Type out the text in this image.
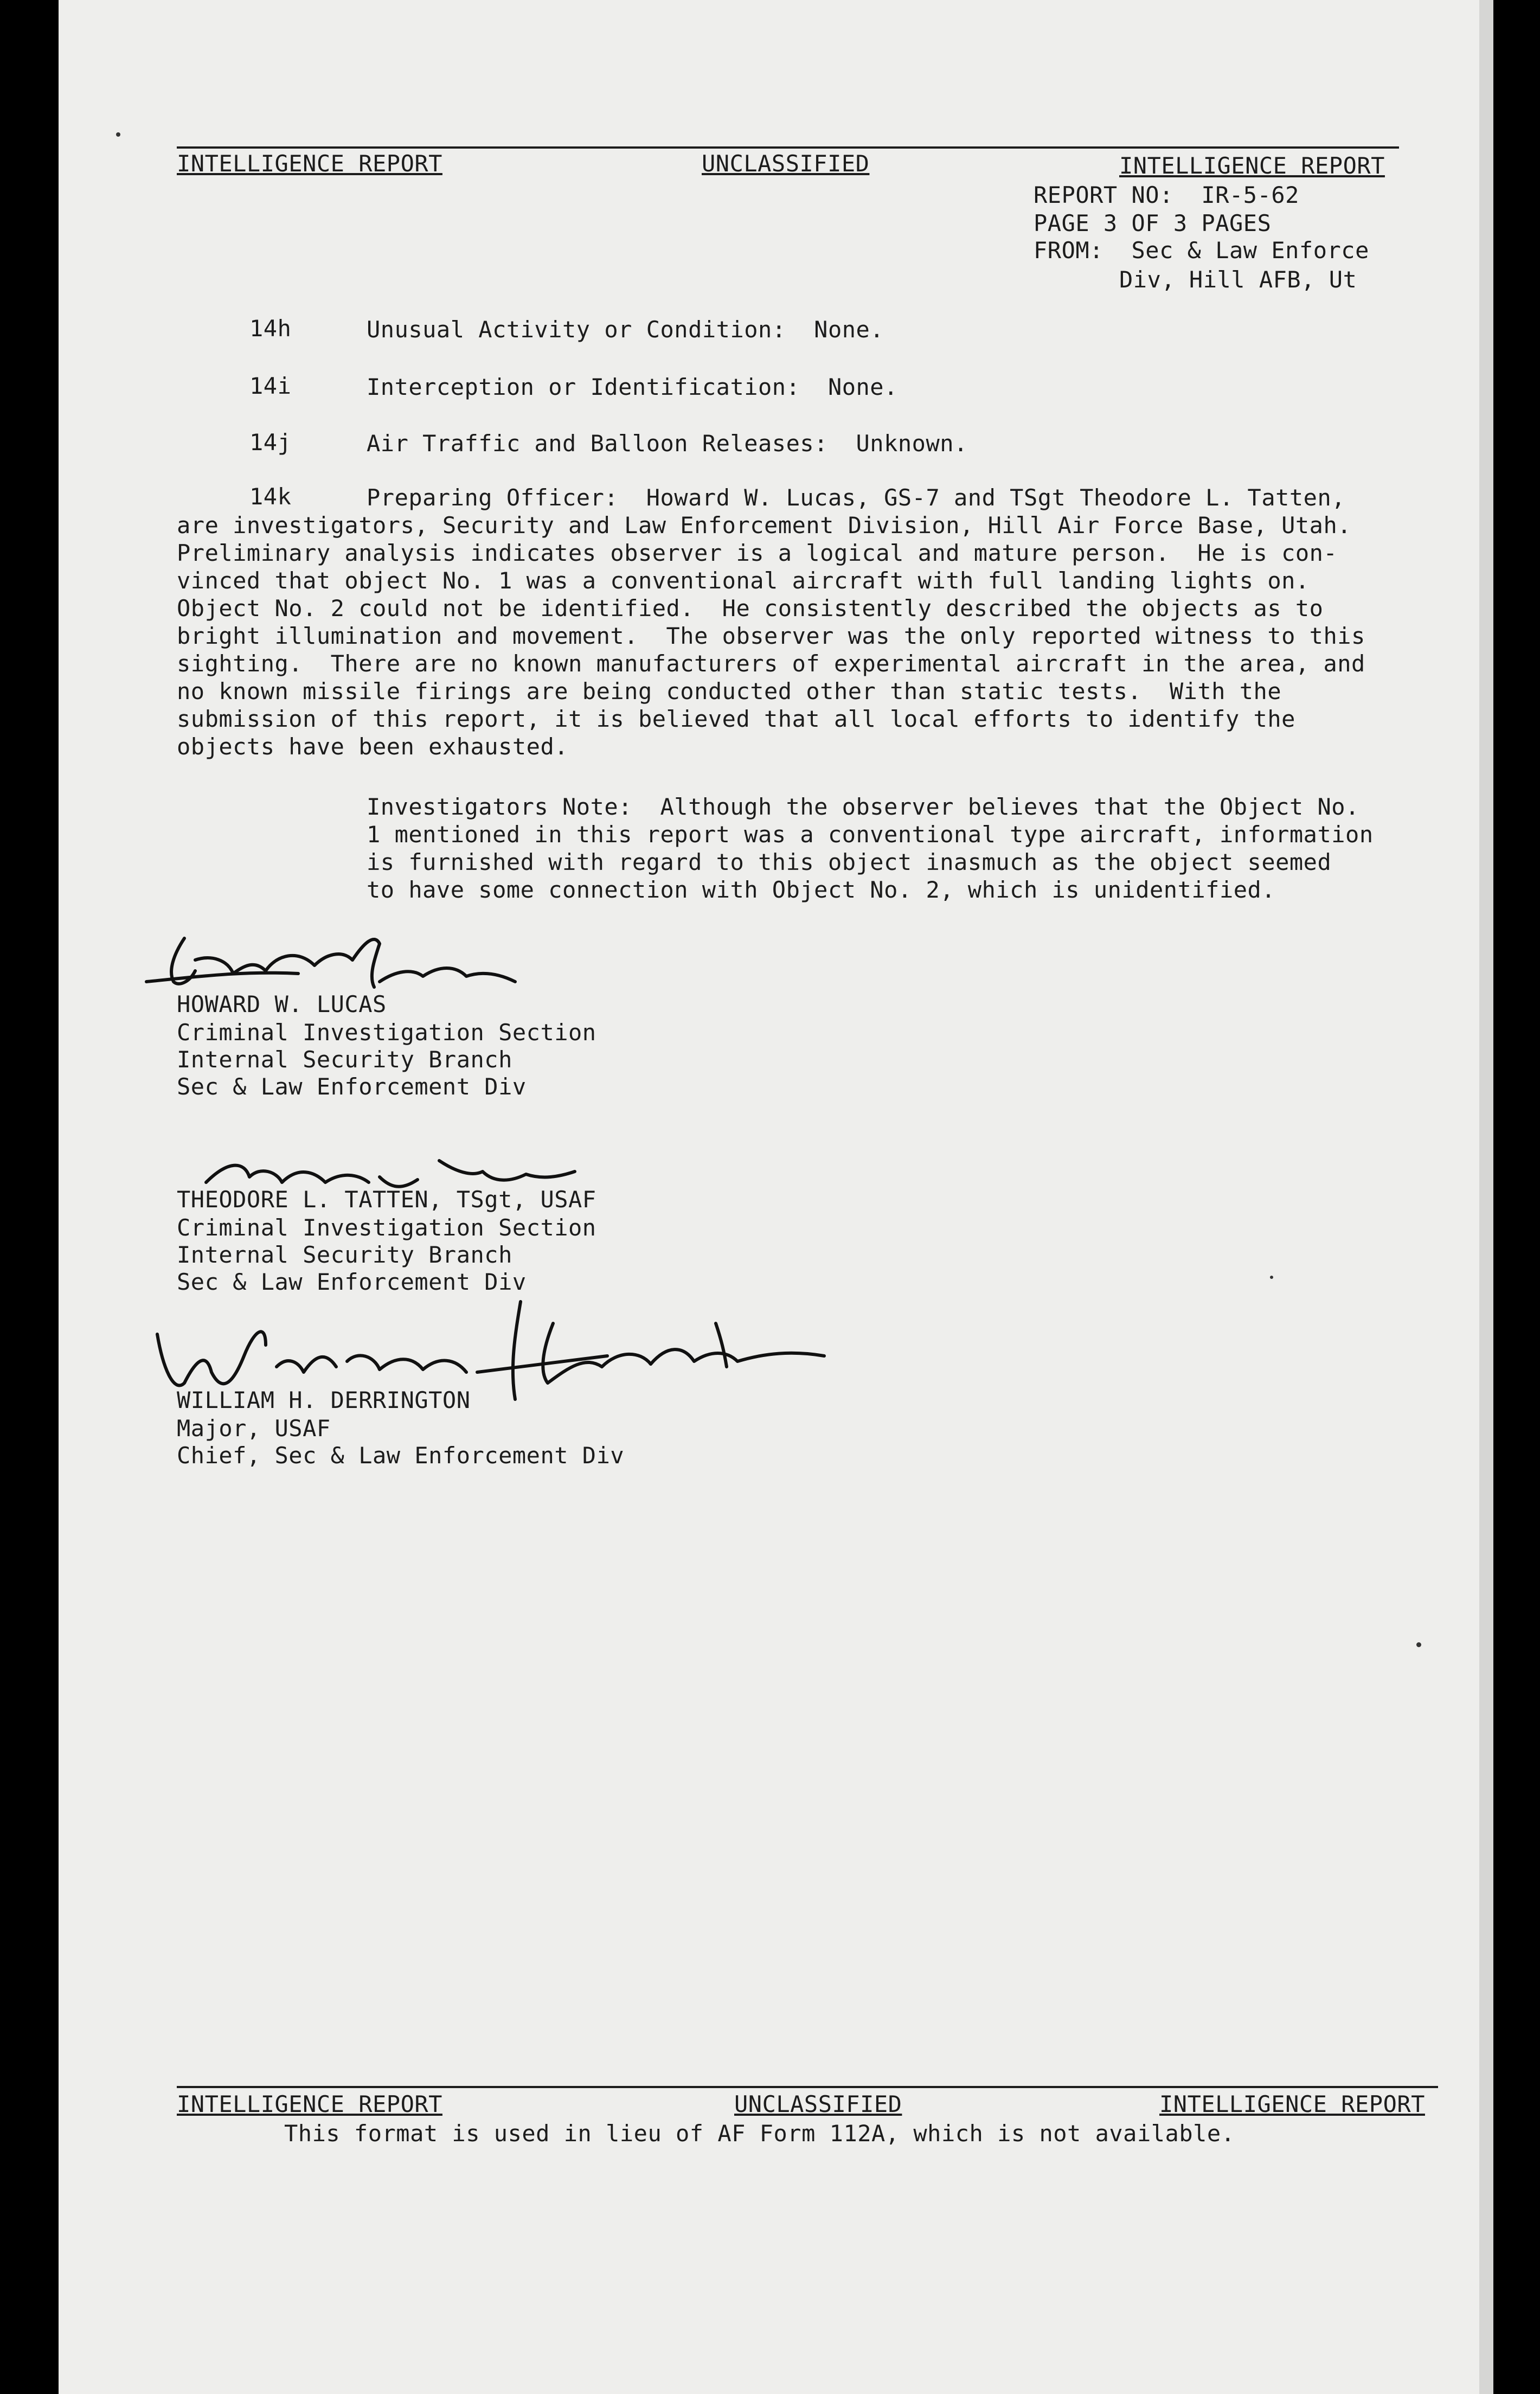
INTELLIGENCE REPORT	UNCLASSIFIED	INTELLIGENCE REPORT
REPORT NO:  IR-5-62
PAGE 3 OF 3 PAGES
FROM:  Sec & Law Enforce
Div, Hill AFB, Ut
14h	Unusual Activity or Condition:  None.
14i	Interception or Identification:  None.
14j	Air Traffic and Balloon Releases:  Unknown.
14k	Preparing Officer:  Howard W. Lucas, GS-7 and TSgt Theodore L. Tatten,
are investigators, Security and Law Enforcement Division, Hill Air Force Base, Utah.
Preliminary analysis indicates observer is a logical and mature person.  He is con-
vinced that object No. 1 was a conventional aircraft with full landing lights on.
Object No. 2 could not be identified.  He consistently described the objects as to
bright illumination and movement.  The observer was the only reported witness to this
sighting.  There are no known manufacturers of experimental aircraft in the area, and
no known missile firings are being conducted other than static tests.  With the
submission of this report, it is believed that all local efforts to identify the
objects have been exhausted.
Investigators Note:  Although the observer believes that the Object No.
1 mentioned in this report was a conventional type aircraft, information
is furnished with regard to this object inasmuch as the object seemed
to have some connection with Object No. 2, which is unidentified.
HOWARD W. LUCAS
Criminal Investigation Section
Internal Security Branch
Sec & Law Enforcement Div
THEODORE L. TATTEN, TSgt, USAF
Criminal Investigation Section
Internal Security Branch
Sec & Law Enforcement Div
WILLIAM H. DERRINGTON
Major, USAF
Chief, Sec & Law Enforcement Div
INTELLIGENCE REPORT	UNCLASSIFIED	INTELLIGENCE REPORT
This format is used in lieu of AF Form 112A, which is not available.
